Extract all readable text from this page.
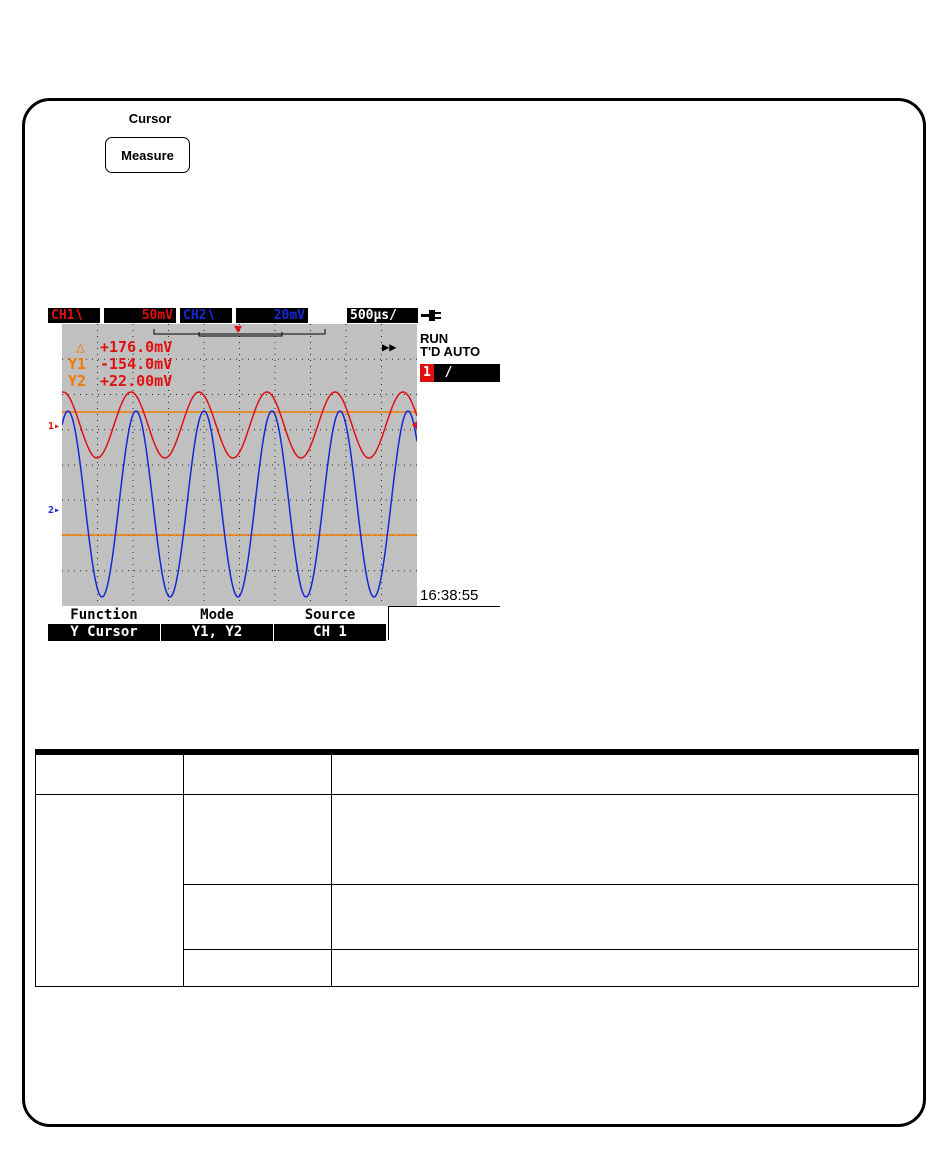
Cursor
Measure
CH1∖	50mV CH2∖	20mV	500µs/
1▸
2▸
△ +176.0mV
Y1 -154.0mV
Y2 +22.00mV
▶▶
RUN
T'D AUTO
1 /
16:38:55
Function
Y Cursor
Mode
Y1, Y2
Source
CH 1
